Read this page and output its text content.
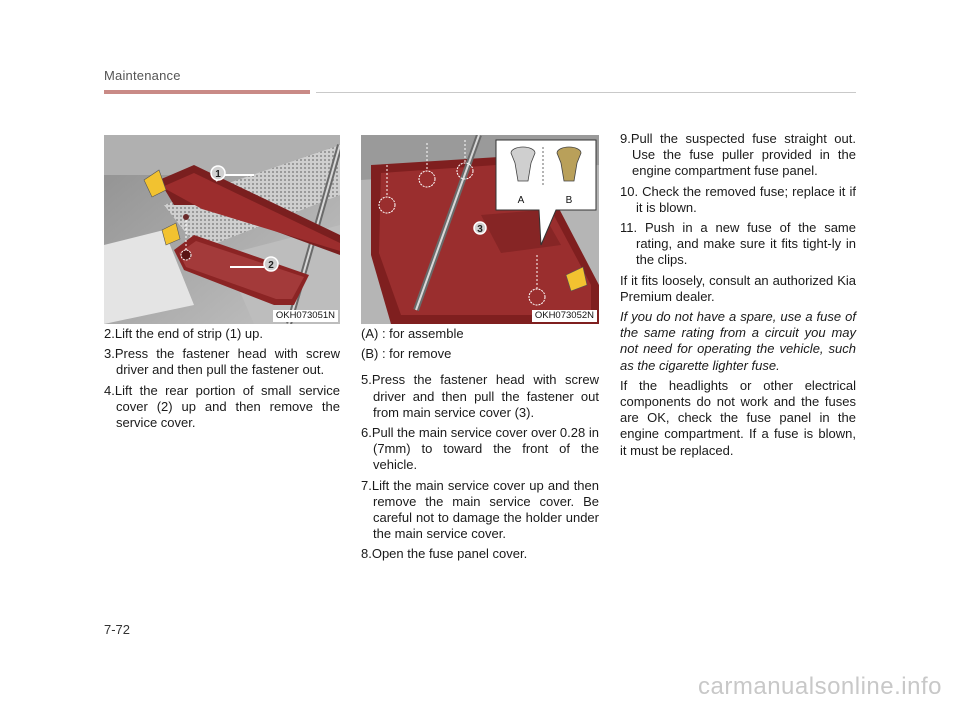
Maintenance
1
2
OKH073051N
3
A	B
OKH073052N

2.Lift the end of strip (1) up.

3.Press the fastener head with screw driver and then pull the fastener out.

4.Lift the rear portion of small service cover (2) up and then remove the service cover.

(A) : for assemble

(B) : for remove

5.Press the fastener head with screw driver and then pull the fastener out from main service cover (3).

6.Pull the main service cover over 0.28 in (7mm) to toward the front of the vehicle.

7.Lift the main service cover up and then remove the main service cover. Be careful not to damage the holder under the main service cover.

8.Open the fuse panel cover.

9.Pull the suspected fuse straight out. Use the fuse puller provided in the engine compartment fuse panel.

10. Check the removed fuse; replace it if it is blown.

11. Push in a new fuse of the same rating, and make sure it fits tight-ly in the clips.

If it fits loosely, consult an authorized Kia Premium dealer.

If you do not have a spare, use a fuse of the same rating from a circuit you may not need for operating the vehicle, such as the cigarette lighter fuse.

If the headlights or other electrical components do not work and the fuses are OK, check the fuse panel in the engine compartment. If a fuse is blown, it must be replaced.

7-72
carmanualsonline.info
